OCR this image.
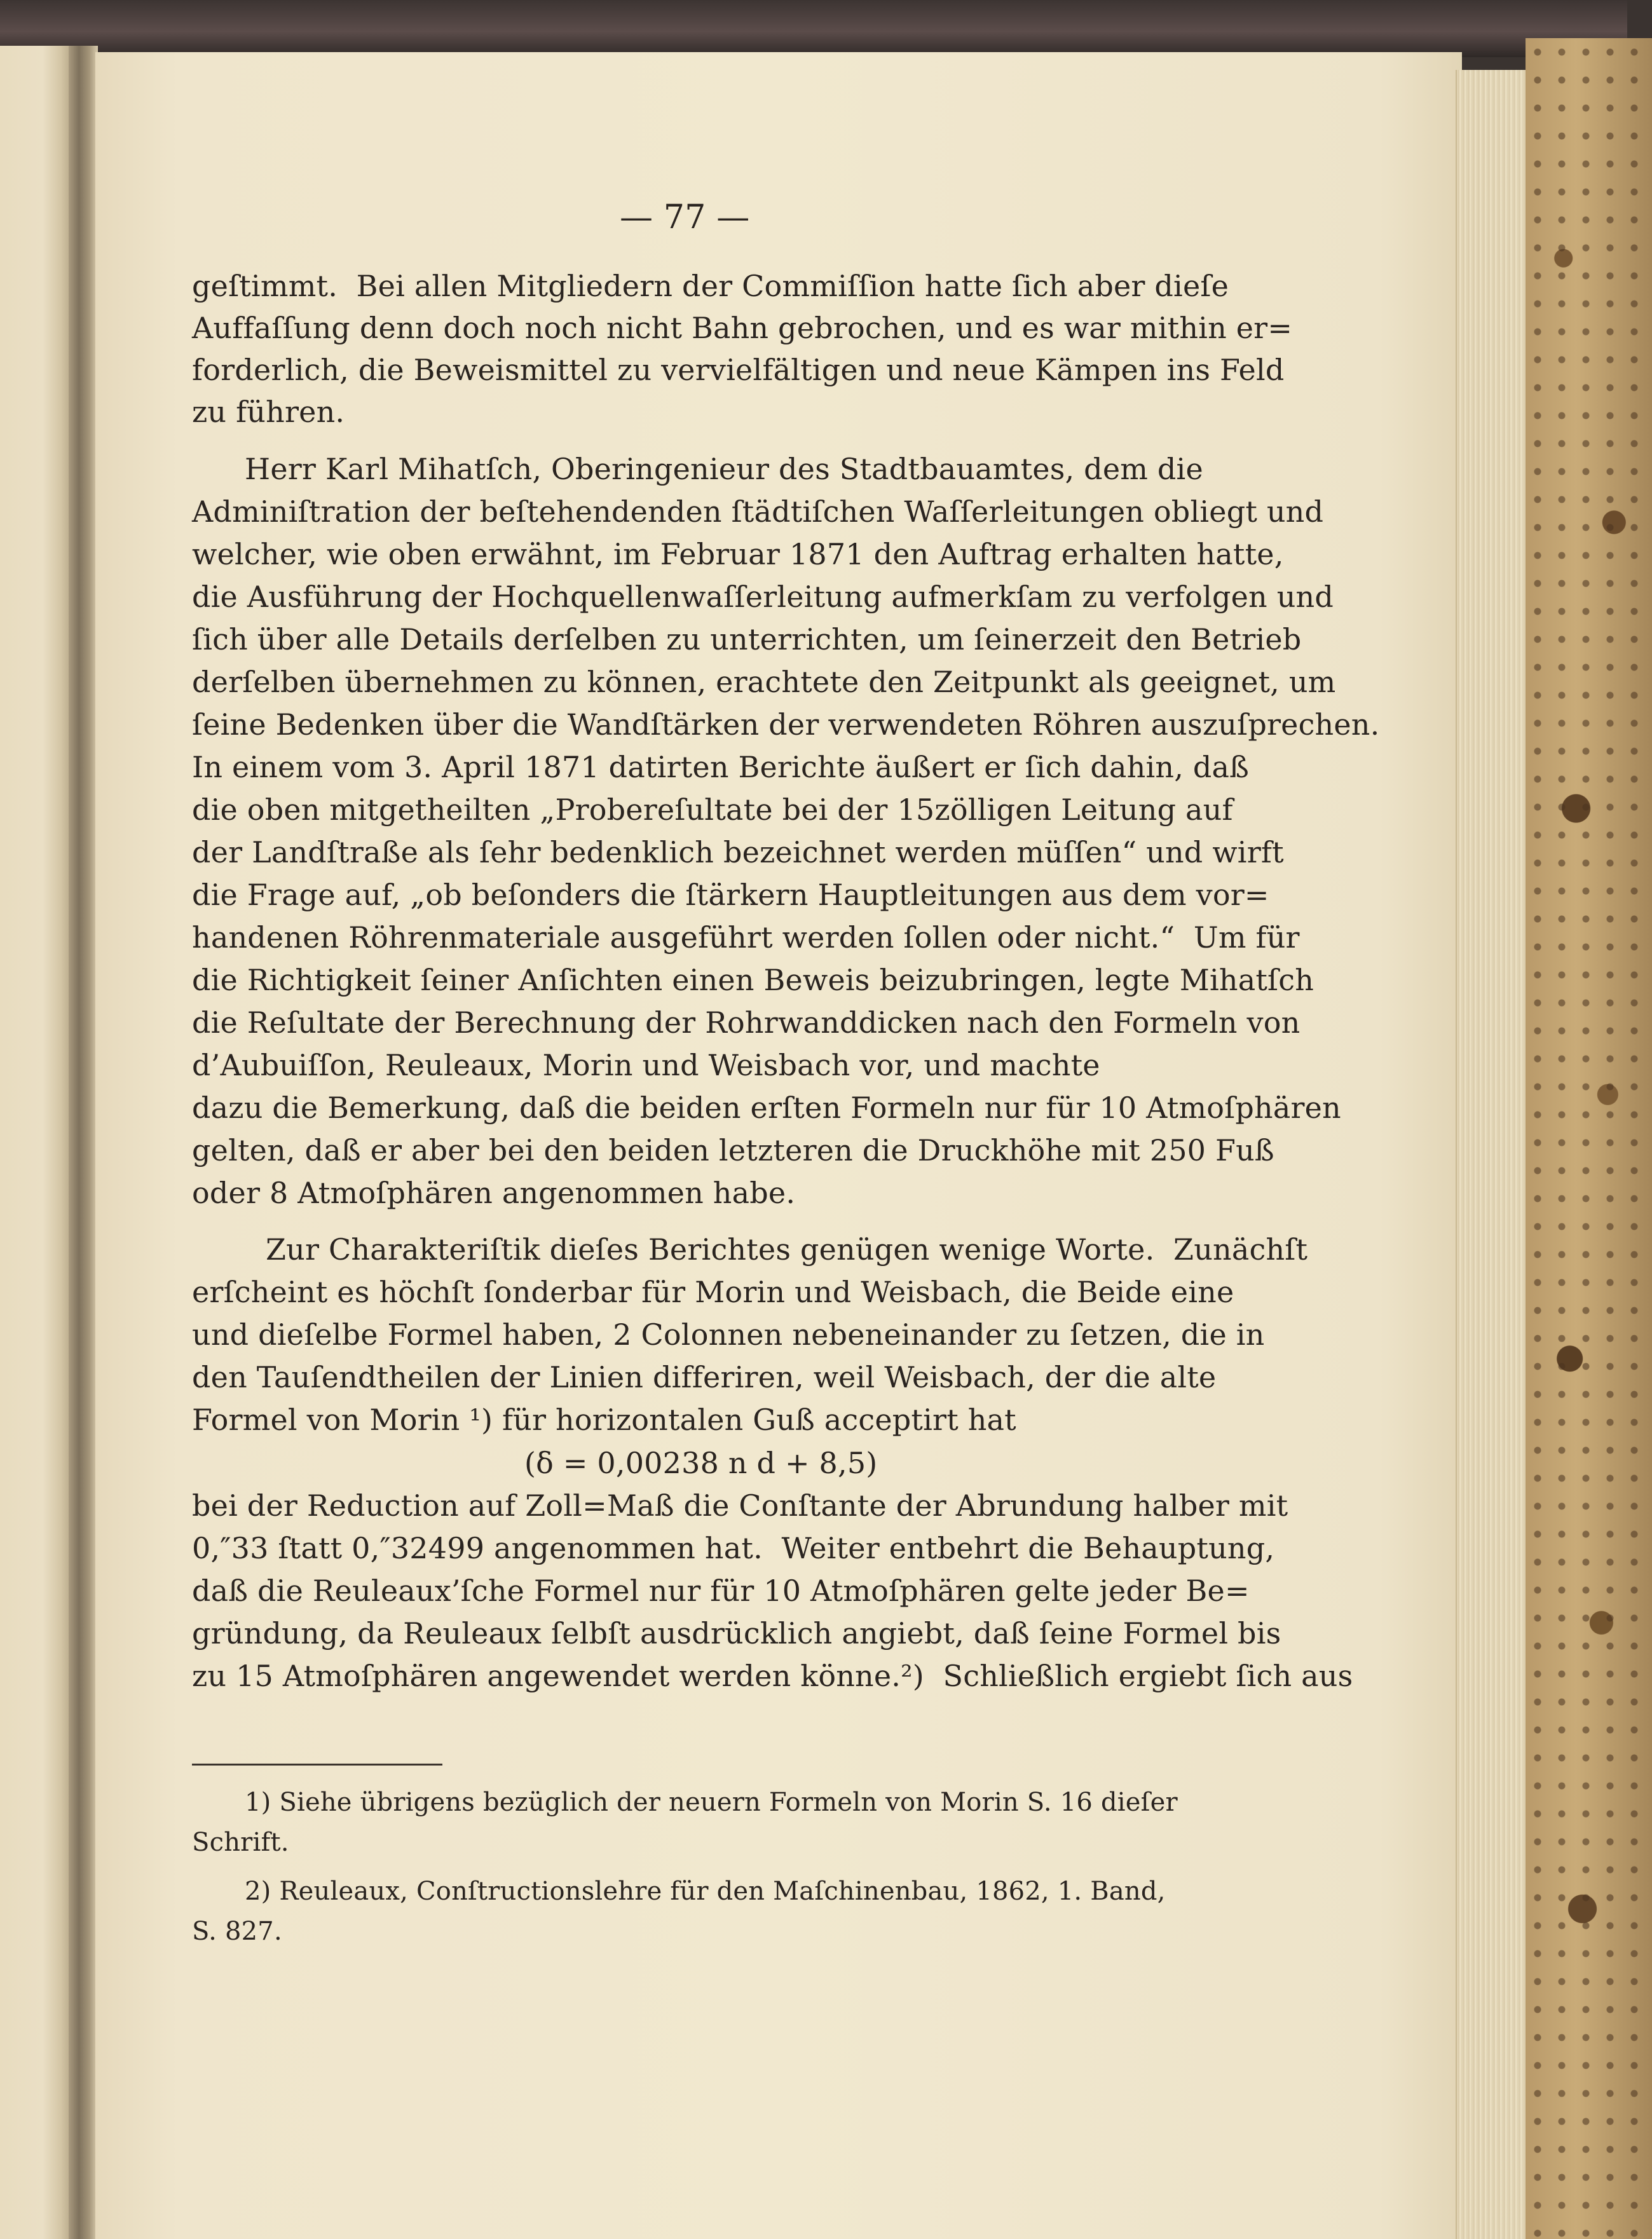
— 77 —
geſtimmt.  Bei allen Mitgliedern der Commiſſion hatte ſich aber dieſe
Auffaſſung denn doch noch nicht Bahn gebrochen, und es war mithin er=
forderlich, die Beweismittel zu vervielfältigen und neue Kämpen ins Feld
zu führen.
Herr Karl Mihatſch, Oberingenieur des Stadtbauamtes, dem die
Adminiſtration der beſtehendenden ſtädtiſchen Waſſerleitungen obliegt und
welcher, wie oben erwähnt, im Februar 1871 den Auftrag erhalten hatte,
die Ausführung der Hochquellenwaſſerleitung aufmerkſam zu verfolgen und
ſich über alle Details derſelben zu unterrichten, um ſeinerzeit den Betrieb
derſelben übernehmen zu können, erachtete den Zeitpunkt als geeignet, um
ſeine Bedenken über die Wandſtärken der verwendeten Röhren auszuſprechen.
In einem vom 3. April 1871 datirten Berichte äußert er ſich dahin, daß
die oben mitgetheilten „Probereſultate bei der 15zölligen Leitung auf
der Landſtraße als ſehr bedenklich bezeichnet werden müſſen“ und wirft
die Frage auf, „ob beſonders die ſtärkern Hauptleitungen aus dem vor=
handenen Röhrenmateriale ausgeführt werden ſollen oder nicht.“  Um für
die Richtigkeit ſeiner Anſichten einen Beweis beizubringen, legte Mihatſch
die Reſultate der Berechnung der Rohrwanddicken nach den Formeln von
d’Aubuiſſon, Reuleaux, Morin und Weisbach vor, und machte
dazu die Bemerkung, daß die beiden erſten Formeln nur für 10 Atmoſphären
gelten, daß er aber bei den beiden letzteren die Druckhöhe mit 250 Fuß
oder 8 Atmoſphären angenommen habe.
Zur Charakteriſtik dieſes Berichtes genügen wenige Worte.  Zunächſt
erſcheint es höchſt ſonderbar für Morin und Weisbach, die Beide eine
und dieſelbe Formel haben, 2 Colonnen nebeneinander zu ſetzen, die in
den Tauſendtheilen der Linien differiren, weil Weisbach, der die alte
Formel von Morin ¹) für horizontalen Guß acceptirt hat
(δ = 0,00238 n d + 8,5)
bei der Reduction auf Zoll=Maß die Conſtante der Abrundung halber mit
0,″33 ſtatt 0,″32499 angenommen hat.  Weiter entbehrt die Behauptung,
daß die Reuleaux’ſche Formel nur für 10 Atmoſphären gelte jeder Be=
gründung, da Reuleaux ſelbſt ausdrücklich angiebt, daß ſeine Formel bis
zu 15 Atmoſphären angewendet werden könne.²)  Schließlich ergiebt ſich aus
1) Siehe übrigens bezüglich der neuern Formeln von Morin S. 16 dieſer
Schrift.
2) Reuleaux, Conſtructionslehre für den Maſchinenbau, 1862, 1. Band,
S. 827.
